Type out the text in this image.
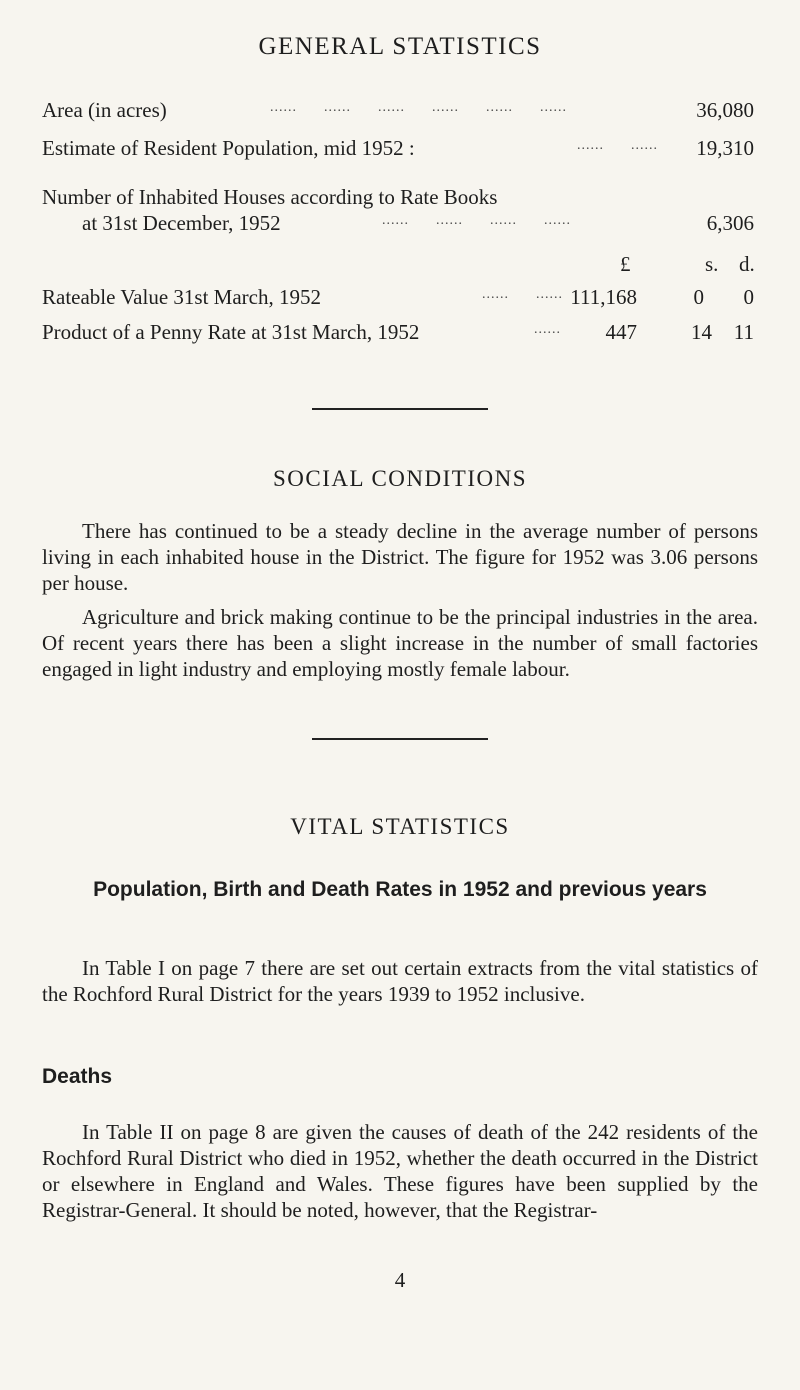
GENERAL STATISTICS
Area (in acres)	......      ......      ......      ......      ......      ......	36,080
Estimate of Resident Population, mid 1952 :	......      ...... 19,310
Number of Inhabited Houses according to Rate Books
at 31st December, 1952	......      ......      ......      ......	6,306
£	s. d.
Rateable Value 31st March, 1952	......      ...... 111,168	0 0
Product of a Penny Rate at 31st March, 1952	...... 447	14 11
SOCIAL CONDITIONS

There has continued to be a steady decline in the average number of persons living in each inhabited house in the District. The figure for 1952 was 3.06 persons per house.

Agriculture and brick making continue to be the principal industries in the area. Of recent years there has been a slight increase in the number of small factories engaged in light industry and employing mostly female labour.

VITAL STATISTICS
Population, Birth and Death Rates in 1952 and previous years

In Table I on page 7 there are set out certain extracts from the vital statistics of the Rochford Rural District for the years 1939 to 1952 inclusive.

Deaths

In Table II on page 8 are given the causes of death of the 242 residents of the Rochford Rural District who died in 1952, whether the death occurred in the District or elsewhere in England and Wales. These figures have been supplied by the Registrar-General. It should be noted, however, that the Registrar-

4
